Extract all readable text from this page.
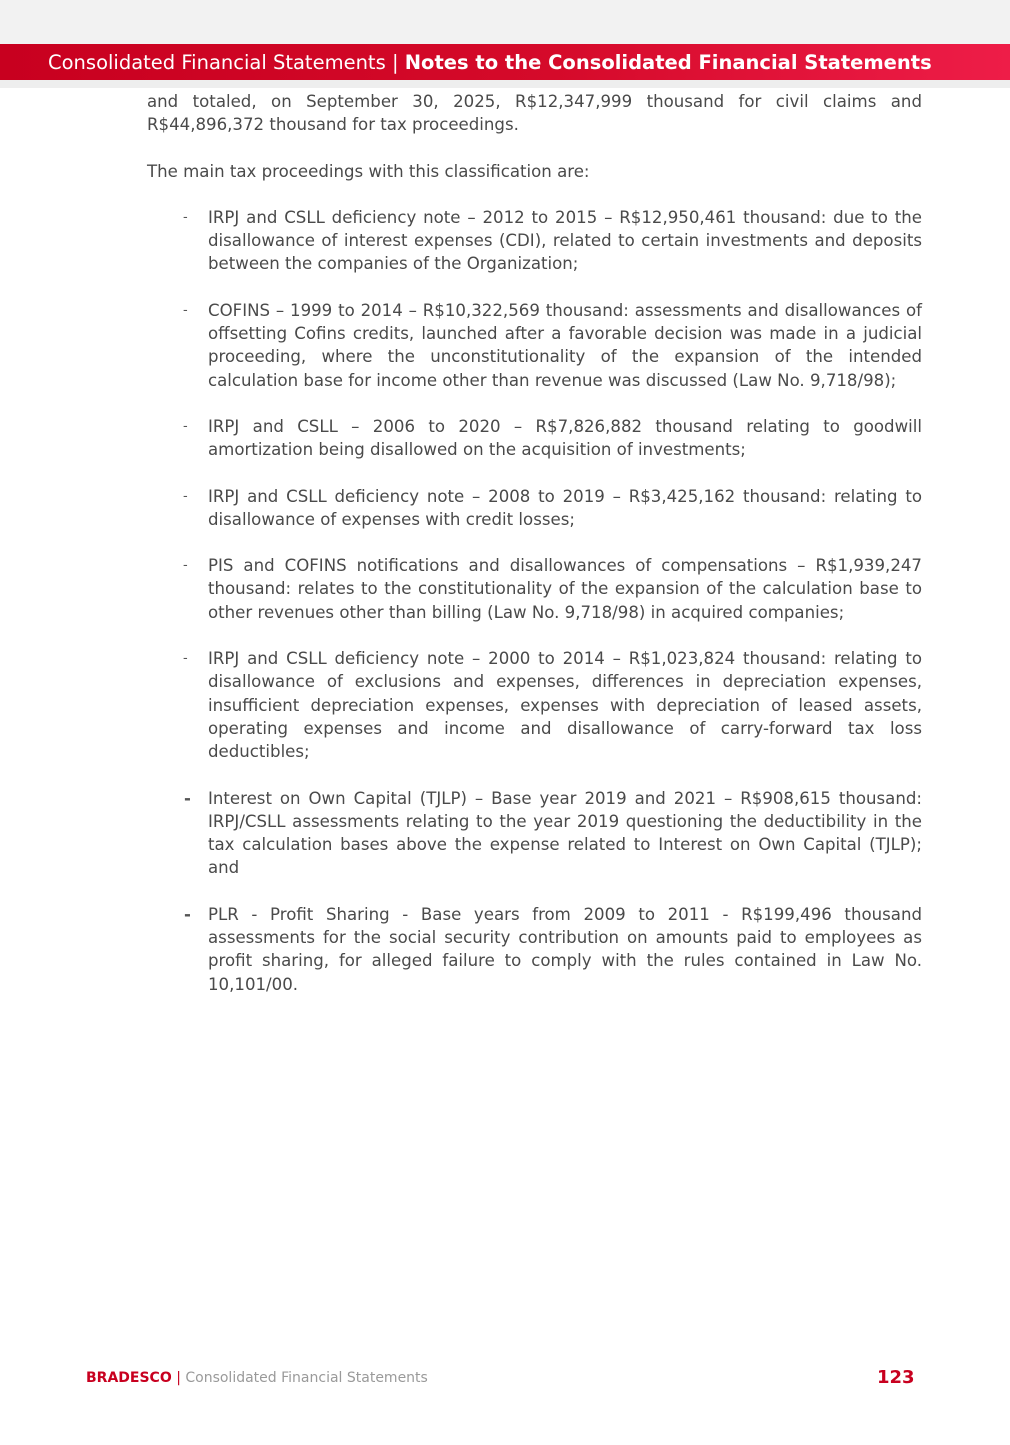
Consolidated Financial Statements | Notes to the Consolidated Financial Statements

and totaled, on September 30, 2025, R$12,347,999 thousand for civil claims and R$44,896,372 thousand for tax proceedings.

The main tax proceedings with this classification are:

- IRPJ and CSLL deficiency note – 2012 to 2015 – R$12,950,461 thousand: due to the disallowance of interest expenses (CDI), related to certain investments and deposits between the companies of the Organization;
- COFINS – 1999 to 2014 – R$10,322,569 thousand: assessments and disallowances of offsetting Cofins credits, launched after a favorable decision was made in a judicial proceeding, where the unconstitutionality of the expansion of the intended calculation base for income other than revenue was discussed (Law No. 9,718/98);
- IRPJ and CSLL – 2006 to 2020 – R$7,826,882 thousand relating to goodwill amortization being disallowed on the acquisition of investments;
- IRPJ and CSLL deficiency note – 2008 to 2019 – R$3,425,162 thousand: relating to disallowance of expenses with credit losses;
- PIS and COFINS notifications and disallowances of compensations – R$1,939,247 thousand: relates to the constitutionality of the expansion of the calculation base to other revenues other than billing (Law No. 9,718/98) in acquired companies;
- IRPJ and CSLL deficiency note – 2000 to 2014 – R$1,023,824 thousand: relating to disallowance of exclusions and expenses, differences in depreciation expenses, insufficient depreciation expenses, expenses with depreciation of leased assets, operating expenses and income and disallowance of carry-forward tax loss deductibles;
- Interest on Own Capital (TJLP) – Base year 2019 and 2021 – R$908,615 thousand: IRPJ/CSLL assessments relating to the year 2019 questioning the deductibility in the tax calculation bases above the expense related to Interest on Own Capital (TJLP); and
- PLR - Profit Sharing - Base years from 2009 to 2011 - R$199,496 thousand assessments for the social security contribution on amounts paid to employees as profit sharing, for alleged failure to comply with the rules contained in Law No. 10,101/00.
BRADESCO | Consolidated Financial Statements	123
